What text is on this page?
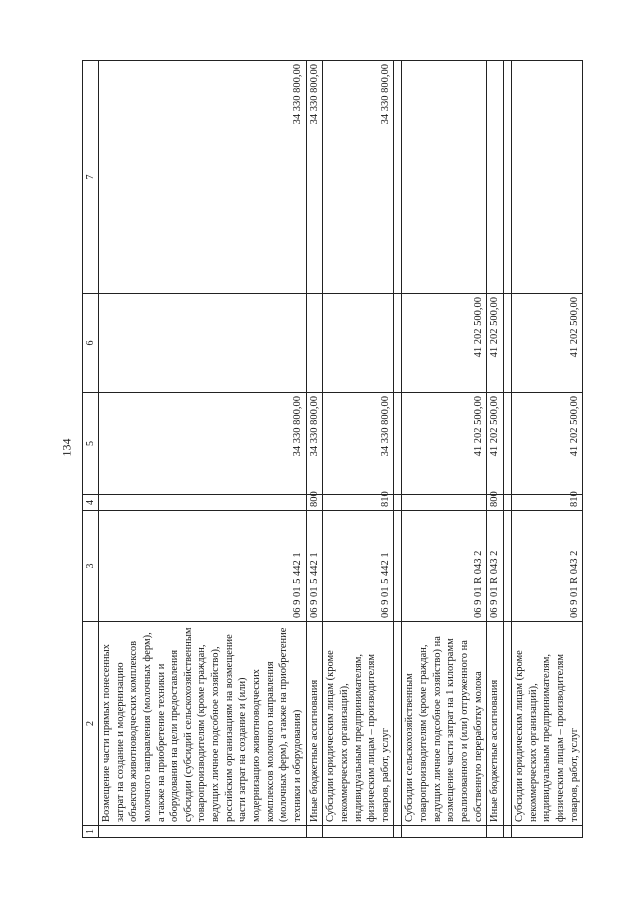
134
1	2	3	4	5	6	7
	Возмещение части прямых понесенных затрат на создание и модернизацию объектов животноводческих комплексов молочного направления (молочных ферм), а также на приобретение техники и оборудования на цели предоставления субсидии (субсидий сельскохозяйственным товаропроизводителям (кроме граждан, ведущих личное подсобное хозяйство), российским организациям на возмещение части затрат на создание и (или) модернизацию животноводческих комплексов молочного направления (молочных ферм), а также на приобретение техники и оборудования)	06 9 01 5 442 1		34 330 800,00		34 330 800,00
	Иные бюджетные ассигнования	06 9 01 5 442 1	800	34 330 800,00		34 330 800,00
	Субсидии юридическим лицам (кроме некоммерческих организаций), индивидуальным предпринимателям, физическим лицам – производителям товаров, работ, услуг	06 9 01 5 442 1	810	34 330 800,00		34 330 800,00

	Субсидии сельскохозяйственным товаропроизводителям (кроме граждан, ведущих личное подсобное хозяйство) на возмещение части затрат на 1 килограмм реализованного и (или) отгруженного на собственную переработку молока	06 9 01 R 043 2		41 202 500,00	41 202 500,00	
	Иные бюджетные ассигнования	06 9 01 R 043 2	800	41 202 500,00	41 202 500,00	

	Субсидии юридическим лицам (кроме некоммерческих организаций), индивидуальным предпринимателям, физическим лицам – производителям товаров, работ, услуг	06 9 01 R 043 2	810	41 202 500,00	41 202 500,00	
